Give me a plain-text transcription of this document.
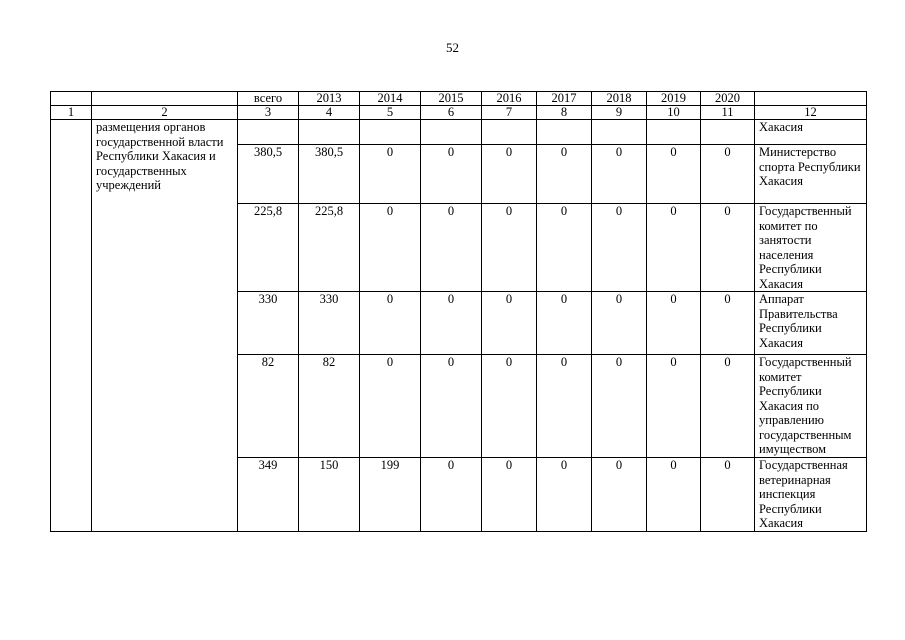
52
		всего	2013	2014	2015	2016	2017	2018	2019	2020	
1	2	3	4	5	6	7	8	9	10	11	12
	размещения органов государственной власти Республики Хакасия и государственных учреждений										Хакасия
		380,5	380,5	0	0	0	0	0	0	0	Министерство спорта Республики Хакасия
		225,8	225,8	0	0	0	0	0	0	0	Государственный комитет по занятости населения Республики Хакасия
		330	330	0	0	0	0	0	0	0	Аппарат Правительства Республики Хакасия
		82	82	0	0	0	0	0	0	0	Государственный комитет Республики Хакасия по управлению государственным имуществом
		349	150	199	0	0	0	0	0	0	Государственная ветеринарная инспекция Республики Хакасия
